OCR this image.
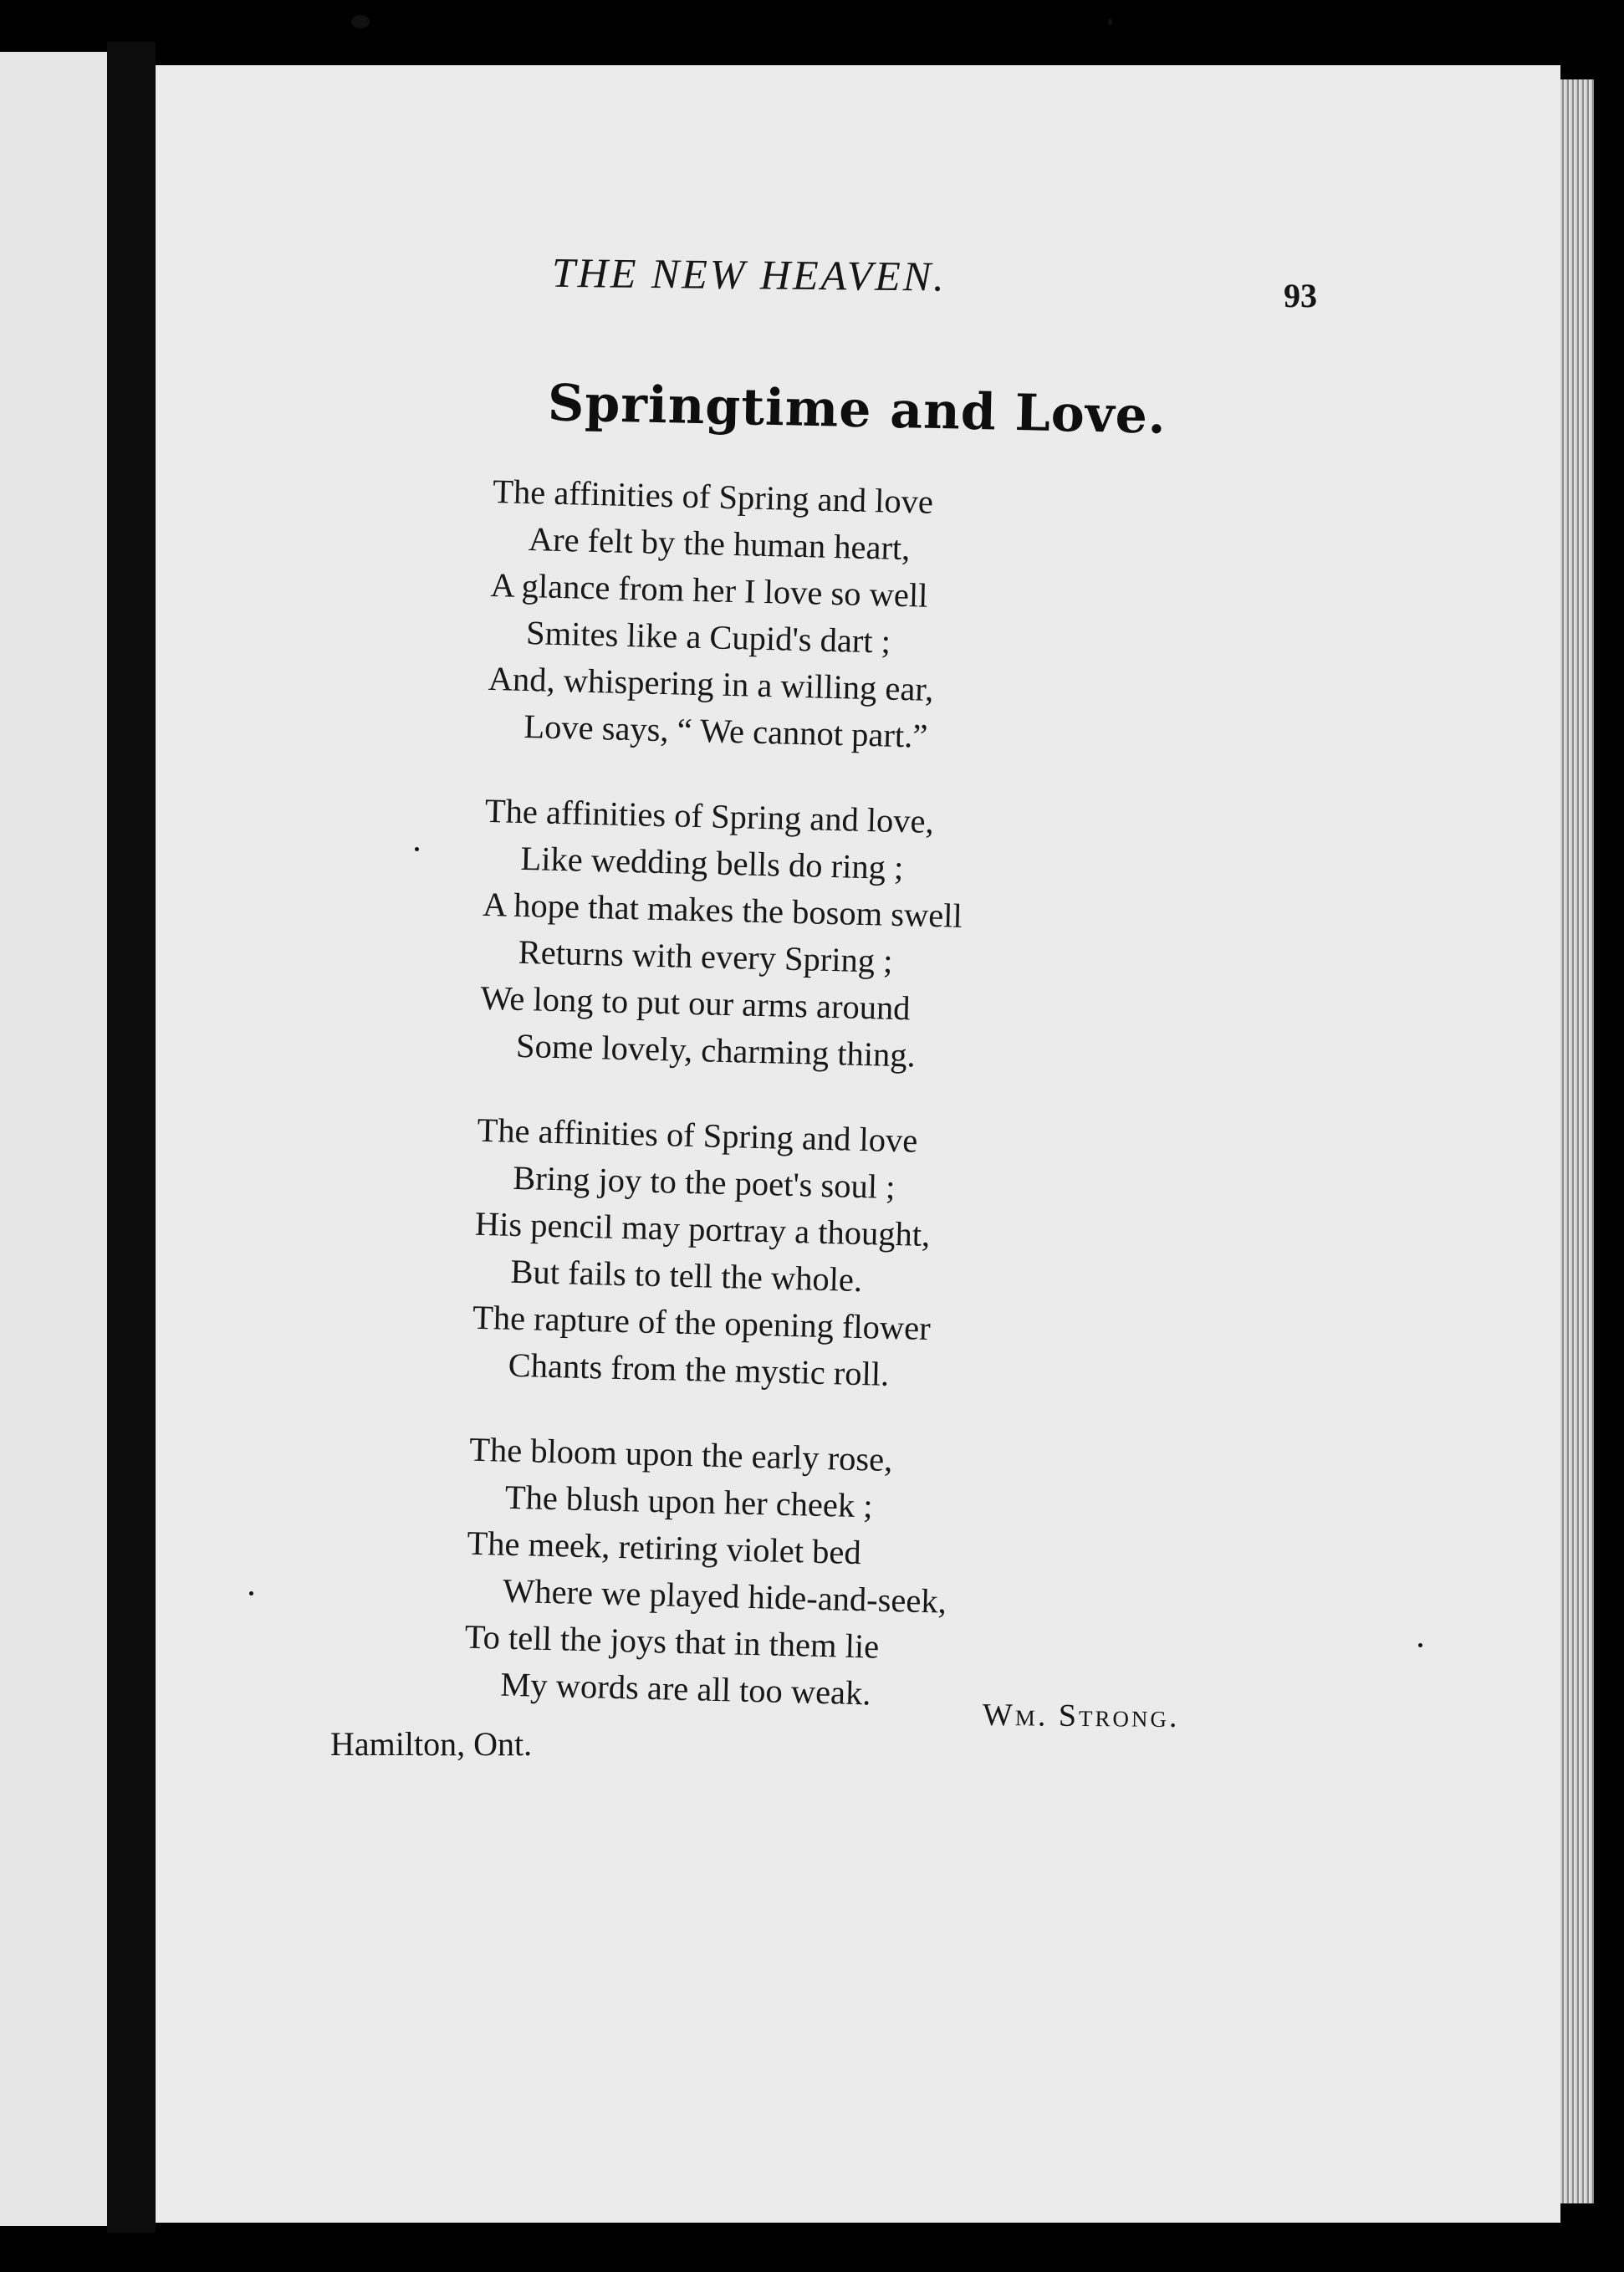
THE NEW HEAVEN.	93
Springtime and Love.
The affinities of Spring and love
Are felt by the human heart,
A glance from her I love so well
Smites like a Cupid's dart ;
And, whispering in a willing ear,
Love says, “ We cannot part.”
The affinities of Spring and love,
Like wedding bells do ring ;
A hope that makes the bosom swell
Returns with every Spring ;
We long to put our arms around
Some lovely, charming thing.
The affinities of Spring and love
Bring joy to the poet's soul ;
His pencil may portray a thought,
But fails to tell the whole.
The rapture of the opening flower
Chants from the mystic roll.
The bloom upon the early rose,
The blush upon her cheek ;
The meek, retiring violet bed
Where we played hide-and-seek,
To tell the joys that in them lie
My words are all too weak.
Wm. Strong.
Hamilton, Ont.
